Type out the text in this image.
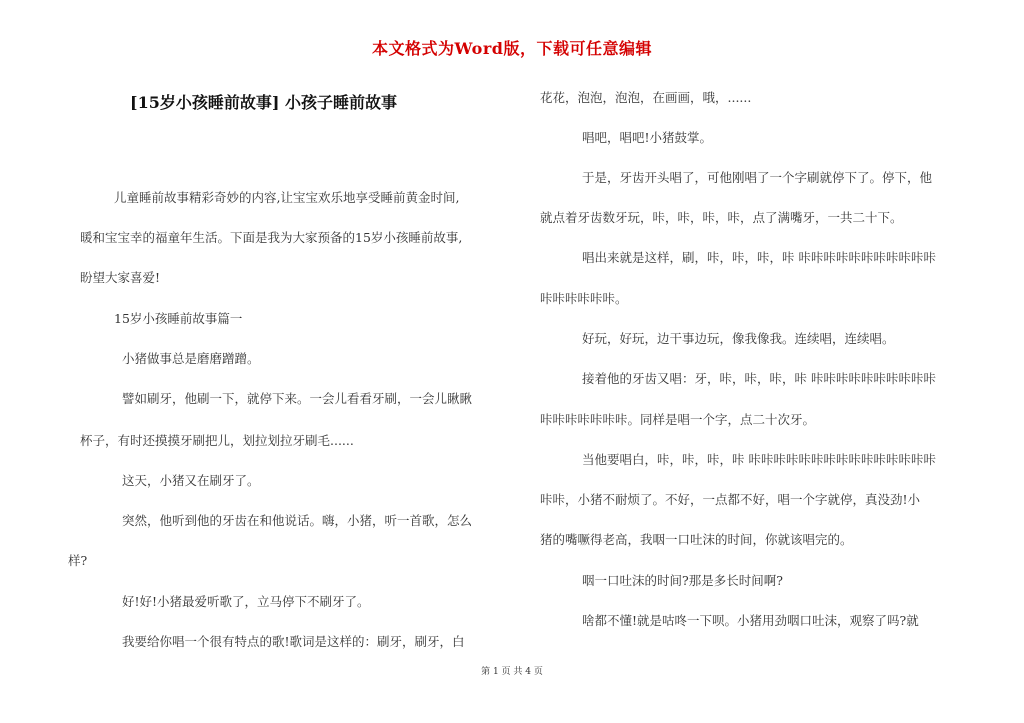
本文格式为Word版，下载可任意编辑
[15岁小孩睡前故事] 小孩子睡前故事
儿童睡前故事精彩奇妙的内容,让宝宝欢乐地享受睡前黄金时间,
暖和宝宝幸的福童年生活。下面是我为大家预备的15岁小孩睡前故事,
盼望大家喜爱!
15岁小孩睡前故事篇一
小猪做事总是磨磨蹭蹭。
譬如刷牙，他刷一下，就停下来。一会儿看看牙刷，一会儿瞅瞅
杯子，有时还摸摸牙刷把儿，划拉划拉牙刷毛......
这天，小猪又在刷牙了。
突然，他听到他的牙齿在和他说话。嗨，小猪，听一首歌，怎么
样?
好!好!小猪最爱听歌了，立马停下不刷牙了。
我要给你唱一个很有特点的歌!歌词是这样的：刷牙，刷牙，白
花花，泡泡，泡泡，在画画，哦，......
唱吧，唱吧!小猪鼓掌。
于是，牙齿开头唱了，可他刚唱了一个字刷就停下了。停下，他
就点着牙齿数牙玩，咔，咔，咔，咔，点了满嘴牙，一共二十下。
唱出来就是这样，刷，咔，咔，咔，咔 咔咔咔咔咔咔咔咔咔咔咔
咔咔咔咔咔咔。
好玩，好玩，边干事边玩，像我像我。连续唱，连续唱。
接着他的牙齿又唱：牙，咔，咔，咔，咔 咔咔咔咔咔咔咔咔咔咔
咔咔咔咔咔咔咔。同样是唱一个字，点二十次牙。
当他要唱白，咔，咔，咔，咔 咔咔咔咔咔咔咔咔咔咔咔咔咔咔咔
咔咔，小猪不耐烦了。不好，一点都不好，唱一个字就停，真没劲!小
猪的嘴噘得老高，我咽一口吐沫的时间，你就该唱完的。
咽一口吐沫的时间?那是多长时间啊?
啥都不懂!就是咕咚一下呗。小猪用劲咽口吐沫，观察了吗?就
第 1 页 共 4 页
